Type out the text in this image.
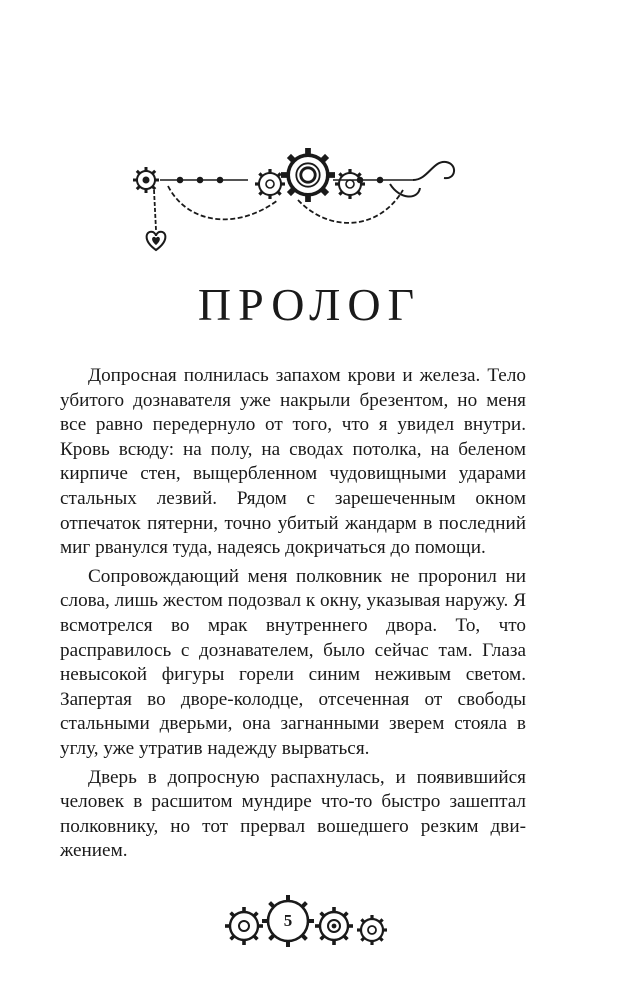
ПРОЛОГ

Допросная полнилась запахом крови и железа. Тело убитого дознавателя уже накрыли брезентом, но меня все равно передернуло от того, что я увидел внутри. Кровь всюду: на полу, на сводах потолка, на беленом кирпиче стен, выщербленном чудовищными ударами стальных лезвий. Рядом с зарешеченным окном отпечаток пятерни, точно убитый жандарм в последний миг рванулся туда, надеясь докричаться до помощи.

Сопровождающий меня полковник не проронил ни слова, лишь жестом подозвал к окну, указывая наружу. Я всмотрелся во мрак внутреннего двора. То, что расправилось с дознавателем, было сейчас там. Глаза невысокой фигуры горели синим неживым светом. Запертая во дворе-колодце, отсеченная от свободы стальными дверьми, она загнанными зверем стояла в углу, уже утратив надежду вырваться.

Дверь в допросную распахнулась, и появившийся человек в расшитом мундире что-то быстро зашептал полковнику, но тот прервал вошедшего резким движением.

5
